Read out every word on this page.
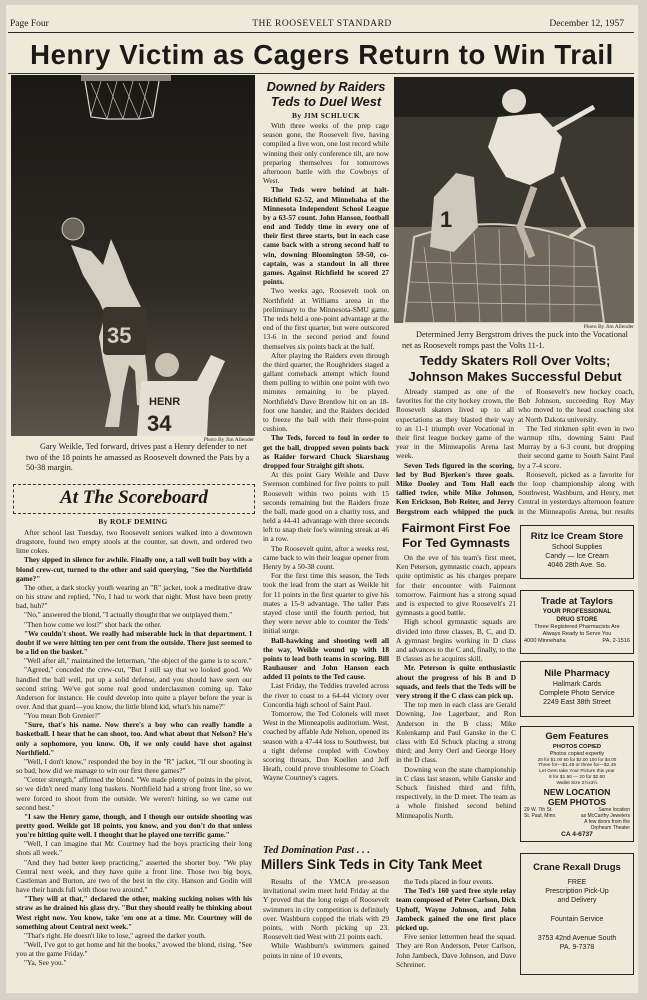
Page Four	THE ROOSEVELT STANDARD	December 12, 1957
Henry Victim as Cagers Return to Win Trail
35
HENR
34
Photo By Jim Allender
Gary Weikle, Ted forward, drives past a Henry defender to net two of the 18 points he amassed as Roosevelt downed the Pats by a 50-38 margin.
At The Scoreboard
By ROLF DEMING

After school last Tuesday, two Roosevelt seniors walked into a downtown drugstore, found two empty stools at the counter, sat down, and ordered two lime cokes.

They sipped in silence for awhile. Finally one, a tall well built boy with a blond crew-cut, turned to the other and said querying, "See the Northfield game?"

The other, a dark stocky youth wearing an "R" jacket, took a meditative draw on his straw and replied, "No, I had to work that night. Must have been pretty bad, huh?"

"No," answered the blond, "I actually thought that we outplayed them."

"Then how come we lost?" shot back the other.

"We couldn't shoot. We really had miserable luck in that department. I doubt if we were hitting ten per cent from the outside. There just seemed to be a lid on the basket."

"Well after all," maintained the letterman, "the object of the game is to score."

"Agreed," conceded the crew-cut, "But I still say that we looked good. We handled the ball well, put up a solid defense, and you should have seen our second string. We've got some real good underclassmen coming up. Take Anderson for instance. He could develop into quite a player before the year is over. And that guard—you know, the little blond kid, what's his name?"

"You mean Bob Grenier?"

"Sure, that's his name. Now there's a boy who can really handle a basketball. I hear that he can shoot, too. And what about that Nelson? He's only a sophomore, you know. Oh, if we only could have shot against Northfield."

"Well, I don't know," responded the boy in the "R" jacket, "If our shooting is so bad, how did we manage to win our first three games?"

"Center strength," affirmed the blond. "We made plenty of points in the pivot, so we didn't need many long baskets. Northfield had a strong front line, so we were forced to shoot from the outside. We weren't hitting, so we came out second best."

"I saw the Henry game, though, and I though our outside shooting was pretty good. Weikle got 18 points, you know, and you don't do that unless you're hitting quite well. I thought that he played one terrific game."

"Well, I can imagine that Mr. Courtney had the boys practicing their long shots all week."

"And they had better keep practicing," asserted the shorter boy. "We play Central next week, and they have quite a front line. Those two big boys, Castleman and Burton, are two of the best in the city. Hanson and Godin will have their hands full with those two around."

"They will at that," declared the other, making sucking noises with his straw as he drained his glass dry. "But they should really be thinking about West right now. You know, take 'em one at a time. Mr. Courtney will do something about Central next week."

"That's right. He doesn't like to lose," agreed the darker youth.

"Well, I've got to get home and hit the books," avowed the blond, rising. "See you at the game Friday."

"Ya, See you."

Downed by Raiders
Teds to Duel West
By JIM SCHLUCK

With three weeks of the prep cage season gone, the Roosevelt five, having compiled a five won, one lost record while winning their only conference tilt, are now preparing themselves for tomorrows afternoon battle with the Cowboys of West.

The Teds were behind at halt-Richfield 62-52, and Minnehaha of the Minnesota Independent School League by a 63-57 count. John Hanson, football end and Teddy time in every one of their first three starts, but in each case came back with a strong second half to win, downing Bloomington 59-50, co-captain, was a standout in all three games. Against Richfield he scored 27 points.

Two weeks ago, Roosevelt took on Northfield at Williams arena in the preliminary to the Minnesota-SMU game. The teds held a one-point advantage at the end of the first quarter, but were outscored 13-6 in the second period and found themselves six points back at the half.

After playing the Raiders even through the third quarter, the Roughriders staged a gallant comeback attempt which found them pulling to within one point with two minutes remaining to be played. Northfield's Dave Brentlow hit on an 18-foot one hander, and the Raiders decided to freeze the ball with their three-point cushion.

The Teds, forced to foul in order to get the ball, dropped seven points back as Raider forward Chuck Skarshaug dropped four Straight gift shots.

At this point Gary Weikle and Dave Swenson combined for five points to pull Roosevelt within two points with 15 seconds remaining but the Raiders froze the ball, made good on a charity toss, and held a 44-41 advantage with three seconds left to snap their foe's winning streak at 46 in a row.

The Roosevelt quint, after a weeks rest, came back to win their league opener from Henry by a 50-38 count.

For the first time this season, the Teds took the lead from the start as Weikle hit for 11 points in the first quarter to give his mates a 15-9 advantage. The taller Pats stayed close until the fourth period, but they were never able to counter the Teds' initial surge.

Ball-hawking and shooting well all the way, Weikle wound up with 18 points to lead both teams in scoring. Bill Rauhauser and John Hanson each added 11 points to the Ted cause.

Last Friday, the Teddies traveled across the river to coast to a 64-44 victory over Concordia high school of Saint Paul.

Tomorrow, the Ted Colonels will meet West in the Minneapolis auditorium. West, coached by affable Ade Nelson, opened its season with a 47-44 loss to Southwest, but a tight defense coupled with Cowboy scoring threats, Don Koellen and Jeff Heath, could prove troublesome to Coach Wayne Courtney's cagers.

1
Photo By Jim Allender
Determined Jerry Bergstrom drives the puck into the Vocational net as Roosevelt romps past the Volts 11-1.
Teddy Skaters Roll Over Volts;
Johnson Makes Successful Debut

Already stamped as one of the favorites for the city hockey crown, the Roosevelt skaters lived up to all expectations as they blasted their way to an 11-1 triumph over Vocational in their first league hockey game of the year in the Minneapolis Arena last week.

Seven Teds figured in the scoring, led by Bud Bjerken's three goals. Mike Dooley and Tom Hall each tallied twice, while Mike Johnson, Ken Erickson, Bob Reiter, and Jerry Bergstrom each whipped the puck

of Roosevelt's new hockey coach, Bob Johnson, succeeding Roy May who moved to the head coaching slot at North Dakota university.

The Ted rinkmen split even in two warmup tilts, downing Saint Paul Murray by a 6-3 count, but dropping their second game to South Saint Paul by a 7-4 score.

Roosevelt, picked as a favorite for the loop championship along with Southwest, Washburn, and Henry, met Central in yesterdays afternoon feature in the Minneapolis Arena, but results

Fairmont First Foe
For Ted Gymnasts

On the eve of his team's first meet, Ken Peterson, gymnastic coach, appears quite optimistic as his charges prepare for their encounter with Fairmont tomorrow. Fairmont has a strong squad and is expected to give Roosevelt's 21 gymnasts a good battle.

High school gymnastic squads are divided into three classes, B, C, and D. A gymnast begins working in D class and advances to the C and, finally, to the B classes as he acquires skill.

Mr. Peterson is quite enthusiastic about the progress of his B and D squads, and feels that the Teds will be very strong if the C class can pick up.

The top men in each class are Gerald Downing, Joe Lagerbaur, and Ron Anderson in the B class; Mike Kulenkamp and Paul Ganske in the C class with Ed Schuck placing a strong third; and Jerry Oerl and George Hoey in the D class.

Downing won the state championship in C class last season, while Ganske and Schuck finished third and fifth, respectively, in the D meet. The team as a whole finished second behind Minneapolis North.

Ritz Ice Cream Store
School Supplies
Candy — Ice Cream
4046 28th Ave. So.
Trade at Taylors
YOUR PROFESSIONAL
DRUG STORE
Three Registered Pharmacists Are
Always Ready to Serve You
4000 Minnehaha	PA. 2-1516
Nile Pharmacy
Hallmark Cards
Complete Photo Service
2249 East 38th Street
Gem Features
PHOTOS COPIED
Photos copied expertly
20 for $1.00 50 for $2.00 100 for $4.00
Three for—$1.49 or three for—$2.49
Let Gem take Your Picture this year
8 for $1.50 — 20 for $2.50
Wallet Size 2½x3½
NEW LOCATION
GEM PHOTOS
29 W. 7th St.
St. Paul, Minn.
Same location
as McCarthy Jewelers
A few doors from the
Orpheum Theater
CA 4-6737
Crane Rexall Drugs
FREE
Prescription Pick-Up
and Delivery
Fountain Service
3753 42nd Avenue South
PA. 9-7378
Ted Domination Past . . .
Millers Sink Teds in City Tank Meet

Results of the YMCA pre-season invitational swim meet held Friday at the Y proved that the long reign of Roosevelt swimmers in city competition is definitely over. Washburn copped the trials with 29 points, with North picking up 23. Roosevelt tied West with 21 points each.

While Washburn's swimmers gained points in nine of 10 events,

the Teds placed in four events.

The Ted's 160 yard free style relay team composed of Peter Carlson, Dick Uphoff, Wayne Johnson, and John Jambeck gained the one first place picked up.

Five senior lettermen head the squad. They are Ron Anderson, Peter Carlson, John Jambeck, Dave Johnson, and Dave Schreiner.
